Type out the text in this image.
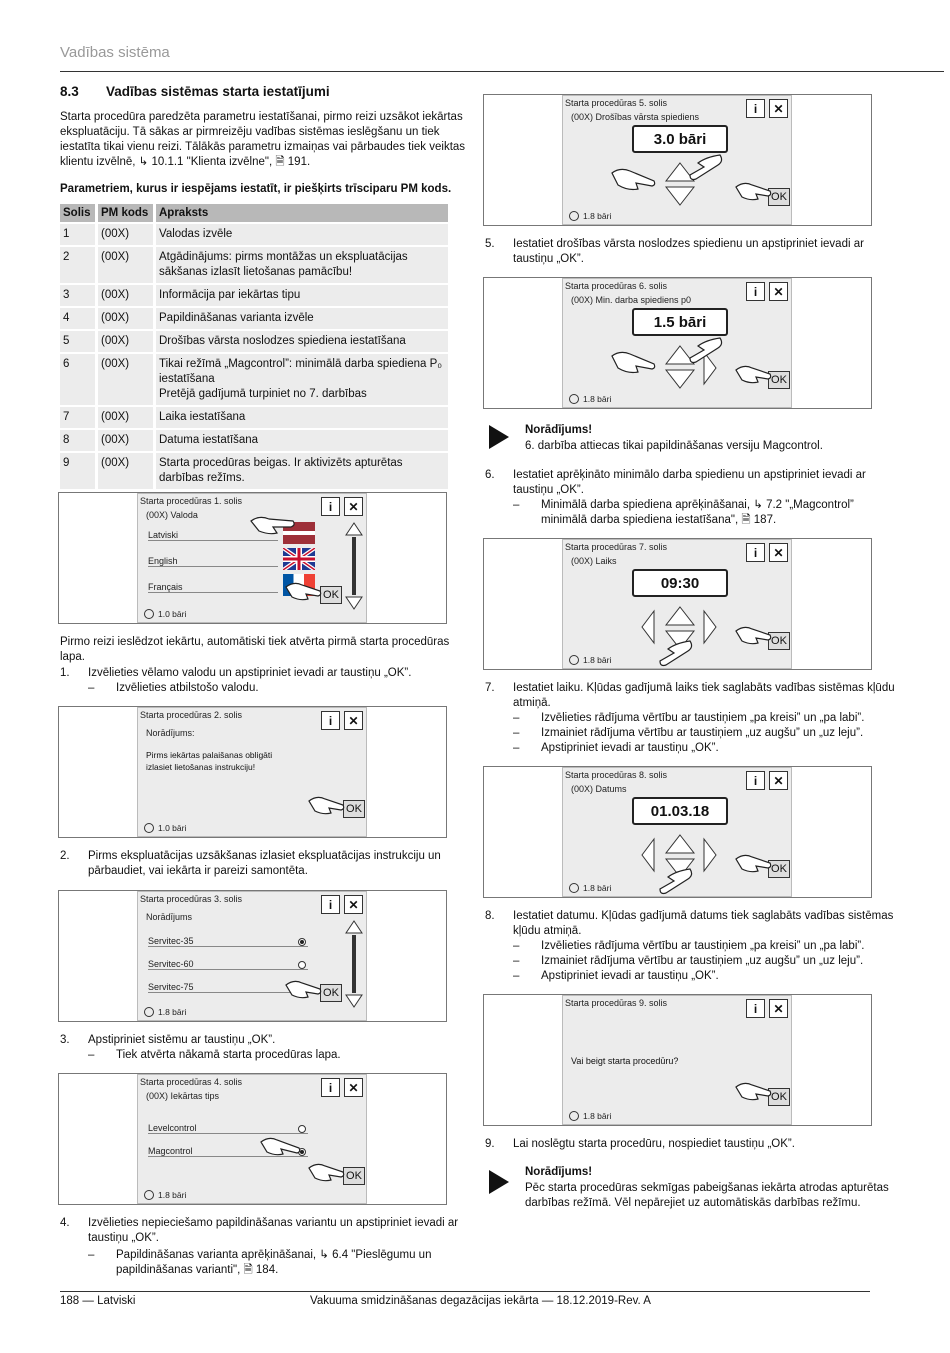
Vadības sistēma
8.3 Vadības sistēmas starta iestatījumi
Starta procedūra paredzēta parametru iestatīšanai, pirmo reizi uzsākot iekārtas
ekspluatāciju. Tā sākas ar pirmreizēju vadības sistēmas ieslēgšanu un tiek
iestatīta tikai vienu reizi. Tālākās parametru izmaiņas vai pārbaudes tiek veiktas
klientu izvēlnē, ↳ 10.1.1 "Klienta izvēlne", 🗎 191.
Parametriem, kurus ir iespējams iestatīt, ir piešķirts trīsciparu PM kods.
Solis	PM kods	Apraksts
1	(00X)	Valodas izvēle
2	(00X)	Atgādinājums: pirms montāžas un ekspluatācijas sākšanas izlasīt lietošanas pamācību!
3	(00X)	Informācija par iekārtas tipu
4	(00X)	Papildināšanas varianta izvēle
5	(00X)	Drošības vārsta noslodzes spiediena iestatīšana
6	(00X)	Tikai režīmā „Magcontrol”: minimālā darba spiediena P₀ iestatīšana
Pretējā gadījumā turpiniet no 7. darbības
7	(00X)	Laika iestatīšana
8	(00X)	Datuma iestatīšana
9	(00X)	Starta procedūras beigas. Ir aktivizēts apturētas darbības režīms.
Starta procedūras 1. solis
(00X) Valoda
Latviski
English
Français
1.0 bāri
i	✕
OK
Pirmo reizi ieslēdzot iekārtu, automātiski tiek atvērta pirmā starta procedūras
lapa.
1. Izvēlieties vēlamo valodu un apstipriniet ievadi ar taustiņu „OK”.
– Izvēlieties atbilstošo valodu.
Starta procedūras 2. solis
Norādījums:
Pirms iekārtas palaišanas obligāti
izlasiet lietošanas instrukciju!
1.0 bāri
i	✕
OK
2. Pirms ekspluatācijas uzsākšanas izlasiet ekspluatācijas instrukciju un
pārbaudiet, vai iekārta ir pareizi samontēta.
Starta procedūras 3. solis
Norādījums
Servitec-35
Servitec-60
Servitec-75
1.8 bāri
i	✕
OK
3. Apstipriniet sistēmu ar taustiņu „OK”.
– Tiek atvērta nākamā starta procedūras lapa.
Starta procedūras 4. solis
(00X) Iekārtas tips
Levelcontrol
Magcontrol
1.8 bāri
i	✕
OK
4. Izvēlieties nepieciešamo papildināšanas variantu un apstipriniet ievadi ar
taustiņu „OK”.
– Papildināšanas varianta aprēķināšanai, ↳ 6.4 "Pieslēgumu un
papildināšanas varianti", 🗎 184.
Starta procedūras 5. solis
(00X) Drošības vārsta spiediens
1.8 bāri
3.0 bāri
i	✕
OK
5. Iestatiet drošības vārsta noslodzes spiedienu un apstipriniet ievadi ar
taustiņu „OK”.
Starta procedūras 6. solis
(00X) Min. darba spiediens p0
1.8 bāri
1.5 bāri
i	✕
OK
Norādījums!
6. darbība attiecas tikai papildināšanas versiju Magcontrol.
6. Iestatiet aprēķināto minimālo darba spiedienu un apstipriniet ievadi ar
taustiņu „OK”.
– Minimālā darba spiediena aprēķināšanai, ↳ 7.2 "„Magcontrol”
minimālā darba spiediena iestatīšana", 🗎 187.
Starta procedūras 7. solis
(00X) Laiks
1.8 bāri
09:30
i	✕
OK
7. Iestatiet laiku. Kļūdas gadījumā laiks tiek saglabāts vadības sistēmas kļūdu
atmiņā.
– Izvēlieties rādījuma vērtību ar taustiņiem „pa kreisi” un „pa labi”.
– Izmainiet rādījuma vērtību ar taustiņiem „uz augšu” un „uz leju”.
– Apstipriniet ievadi ar taustiņu „OK”.
Starta procedūras 8. solis
(00X) Datums
1.8 bāri
01.03.18
i	✕
OK
8. Iestatiet datumu. Kļūdas gadījumā datums tiek saglabāts vadības sistēmas
kļūdu atmiņā.
– Izvēlieties rādījuma vērtību ar taustiņiem „pa kreisi” un „pa labi”.
– Izmainiet rādījuma vērtību ar taustiņiem „uz augšu” un „uz leju”.
– Apstipriniet ievadi ar taustiņu „OK”.
Starta procedūras 9. solis
Vai beigt starta procedūru?
1.8 bāri
i	✕
OK
9. Lai noslēgtu starta procedūru, nospiediet taustiņu „OK”.
Norādījums!
Pēc starta procedūras sekmīgas pabeigšanas iekārta atrodas apturētas
darbības režīmā. Vēl nepārejiet uz automātiskās darbības režīmu.
188 — Latviski	Vakuuma smidzināšanas degazācijas iekārta — 18.12.2019-Rev. A
